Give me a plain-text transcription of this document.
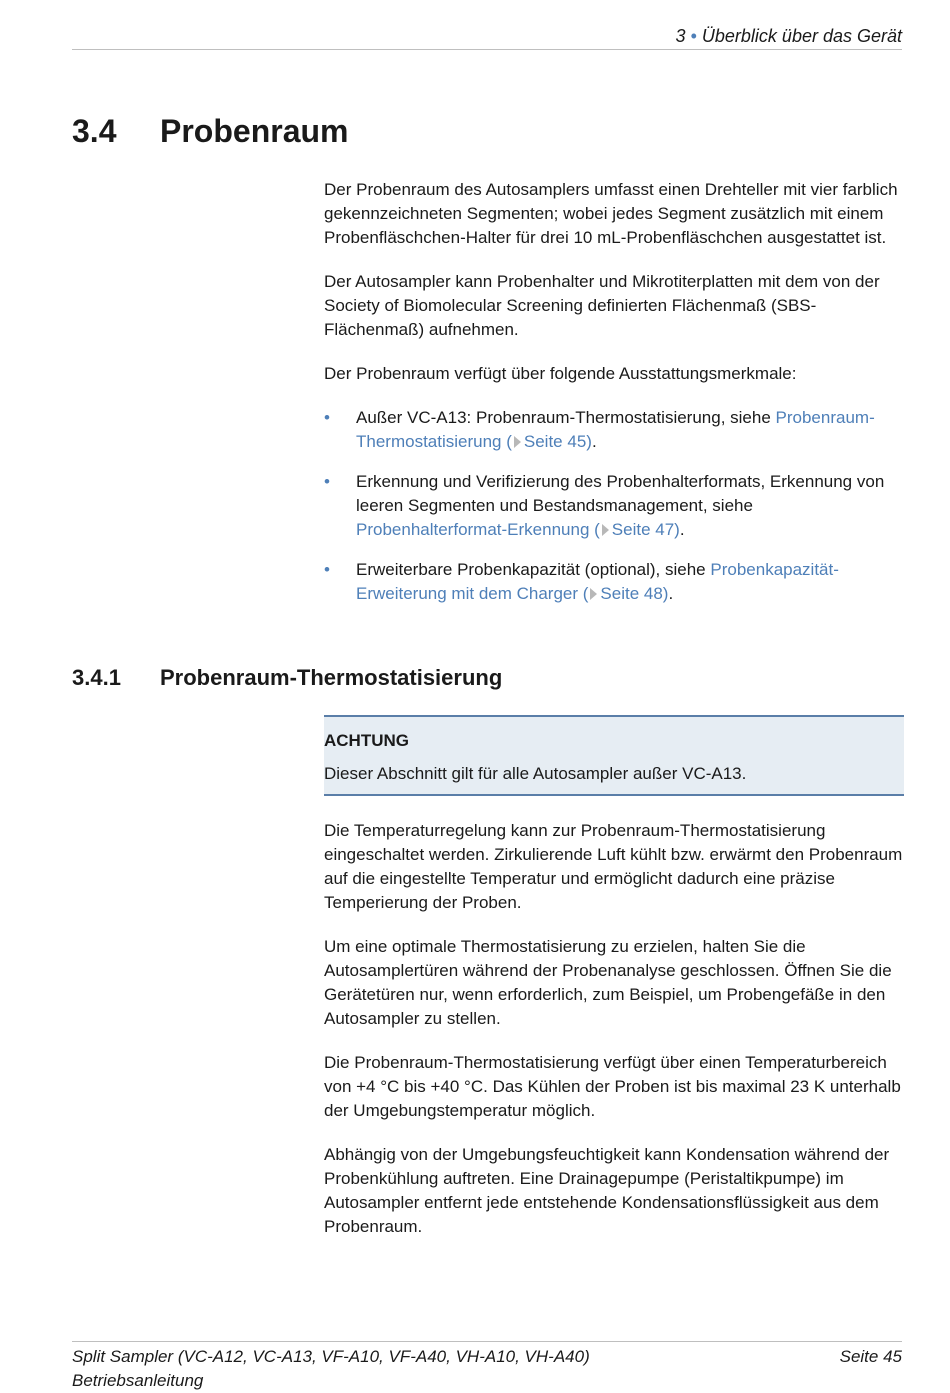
3 • Überblick über das Gerät
3.4 Probenraum

Der Probenraum des Autosamplers umfasst einen Drehteller mit vier farblich gekennzeichneten Segmenten; wobei jedes Segment zusätzlich mit einem Probenfläschchen-Halter für drei 10 mL-Probenfläschchen ausgestattet ist.

Der Autosampler kann Probenhalter und Mikrotiterplatten mit dem von der Society of Biomolecular Screening definierten Flächenmaß (SBS-Flächenmaß) aufnehmen.

Der Probenraum verfügt über folgende Ausstattungsmerkmale:

• Außer VC-A13: Probenraum-Thermostatisierung, siehe Probenraum-Thermostatisierung ( Seite 45).
• Erkennung und Verifizierung des Probenhalterformats, Erkennung von leeren Segmenten und Bestandsmanagement, siehe Probenhalterformat-Erkennung ( Seite 47).
• Erweiterbare Probenkapazität (optional), siehe Probenkapazität-Erweiterung mit dem Charger ( Seite 48).
3.4.1 Probenraum-Thermostatisierung
ACHTUNG
Dieser Abschnitt gilt für alle Autosampler außer VC-A13.

Die Temperaturregelung kann zur Probenraum-Thermostatisierung eingeschaltet werden. Zirkulierende Luft kühlt bzw. erwärmt den Probenraum auf die eingestellte Temperatur und ermöglicht dadurch eine präzise Temperierung der Proben.

Um eine optimale Thermostatisierung zu erzielen, halten Sie die Autosamplertüren während der Probenanalyse geschlossen. Öffnen Sie die Gerätetüren nur, wenn erforderlich, zum Beispiel, um Probengefäße in den Autosampler zu stellen.

Die Probenraum-Thermostatisierung verfügt über einen Temperaturbereich von +4 °C bis +40 °C. Das Kühlen der Proben ist bis maximal 23 K unterhalb der Umgebungstemperatur möglich.

Abhängig von der Umgebungsfeuchtigkeit kann Kondensation während der Probenkühlung auftreten. Eine Drainagepumpe (Peristaltikpumpe) im Autosampler entfernt jede entstehende Kondensationsflüssigkeit aus dem Probenraum.

Split Sampler (VC-A12, VC-A13, VF-A10, VF-A40, VH-A10, VH-A40)
Betriebsanleitung
Seite 45
